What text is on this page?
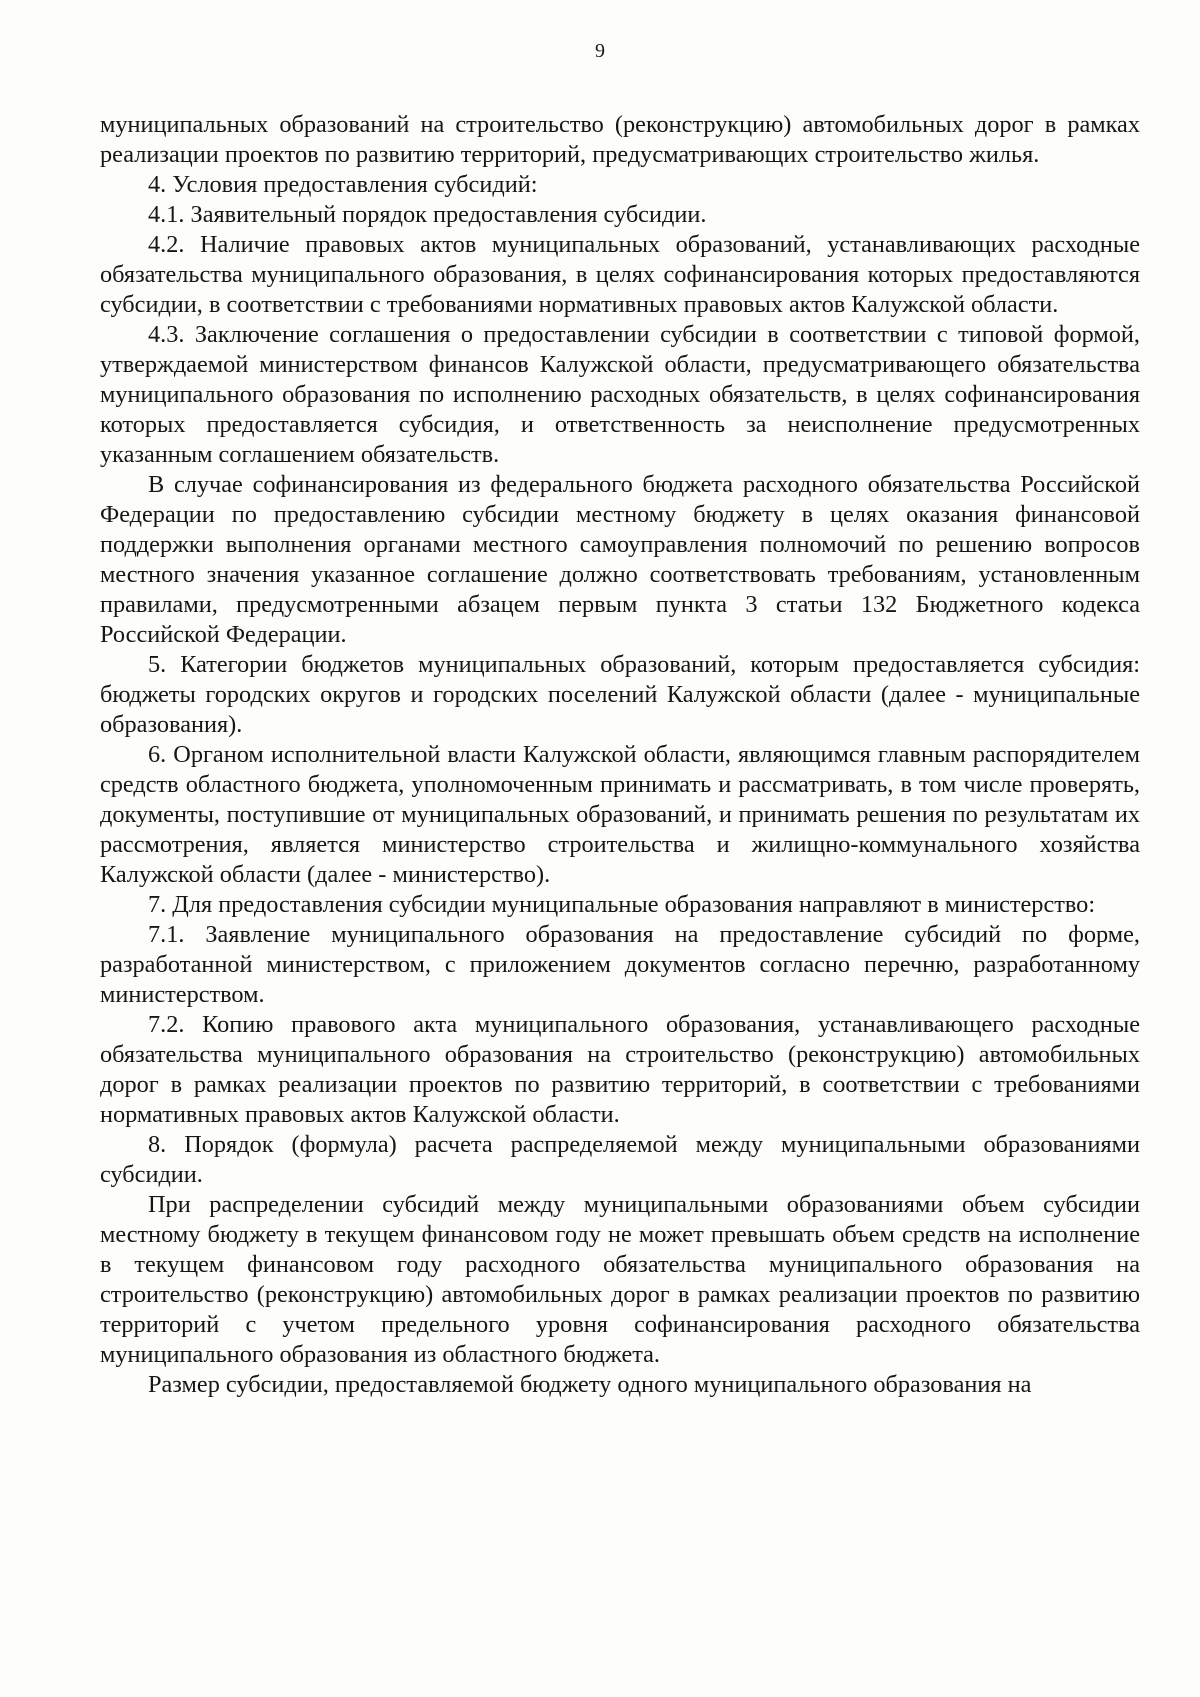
9

муниципальных образований на строительство (реконструкцию) автомобильных дорог в рамках реализации проектов по развитию территорий, предусматривающих строительство жилья.

4. Условия предоставления субсидий:

4.1. Заявительный порядок предоставления субсидии.

4.2. Наличие правовых актов муниципальных образований, устанавливающих расходные обязательства муниципального образования, в целях софинансирования которых предоставляются субсидии, в соответствии с требованиями нормативных правовых актов Калужской области.

4.3. Заключение соглашения о предоставлении субсидии в соответствии с типовой формой, утверждаемой министерством финансов Калужской области, предусматривающего обязательства муниципального образования по исполнению расходных обязательств, в целях софинансирования которых предоставляется субсидия, и ответственность за неисполнение предусмотренных указанным соглашением обязательств.

В случае софинансирования из федерального бюджета расходного обязательства Российской Федерации по предоставлению субсидии местному бюджету в целях оказания финансовой поддержки выполнения органами местного самоуправления полномочий по решению вопросов местного значения указанное соглашение должно соответствовать требованиям, установленным правилами, предусмотренными абзацем первым пункта 3 статьи 132 Бюджетного кодекса Российской Федерации.

5. Категории бюджетов муниципальных образований, которым предоставляется субсидия: бюджеты городских округов и городских поселений Калужской области (далее - муниципальные образования).

6. Органом исполнительной власти Калужской области, являющимся главным распорядителем средств областного бюджета, уполномоченным принимать и рассматривать, в том числе проверять, документы, поступившие от муниципальных образований, и принимать решения по результатам их рассмотрения, является министерство строительства и жилищно-коммунального хозяйства Калужской области (далее - министерство).

7. Для предоставления субсидии муниципальные образования направляют в министерство:

7.1. Заявление муниципального образования на предоставление субсидий по форме, разработанной министерством, с приложением документов согласно перечню, разработанному министерством.

7.2. Копию правового акта муниципального образования, устанавливающего расходные обязательства муниципального образования на строительство (реконструкцию) автомобильных дорог в рамках реализации проектов по развитию территорий, в соответствии с требованиями нормативных правовых актов Калужской области.

8. Порядок (формула) расчета распределяемой между муниципальными образованиями субсидии.

При распределении субсидий между муниципальными образованиями объем субсидии местному бюджету в текущем финансовом году не может превышать объем средств на исполнение в текущем финансовом году расходного обязательства муниципального образования на строительство (реконструкцию) автомобильных дорог в рамках реализации проектов по развитию территорий с учетом предельного уровня софинансирования расходного обязательства муниципального образования из областного бюджета.

Размер субсидии, предоставляемой бюджету одного муниципального образования на
